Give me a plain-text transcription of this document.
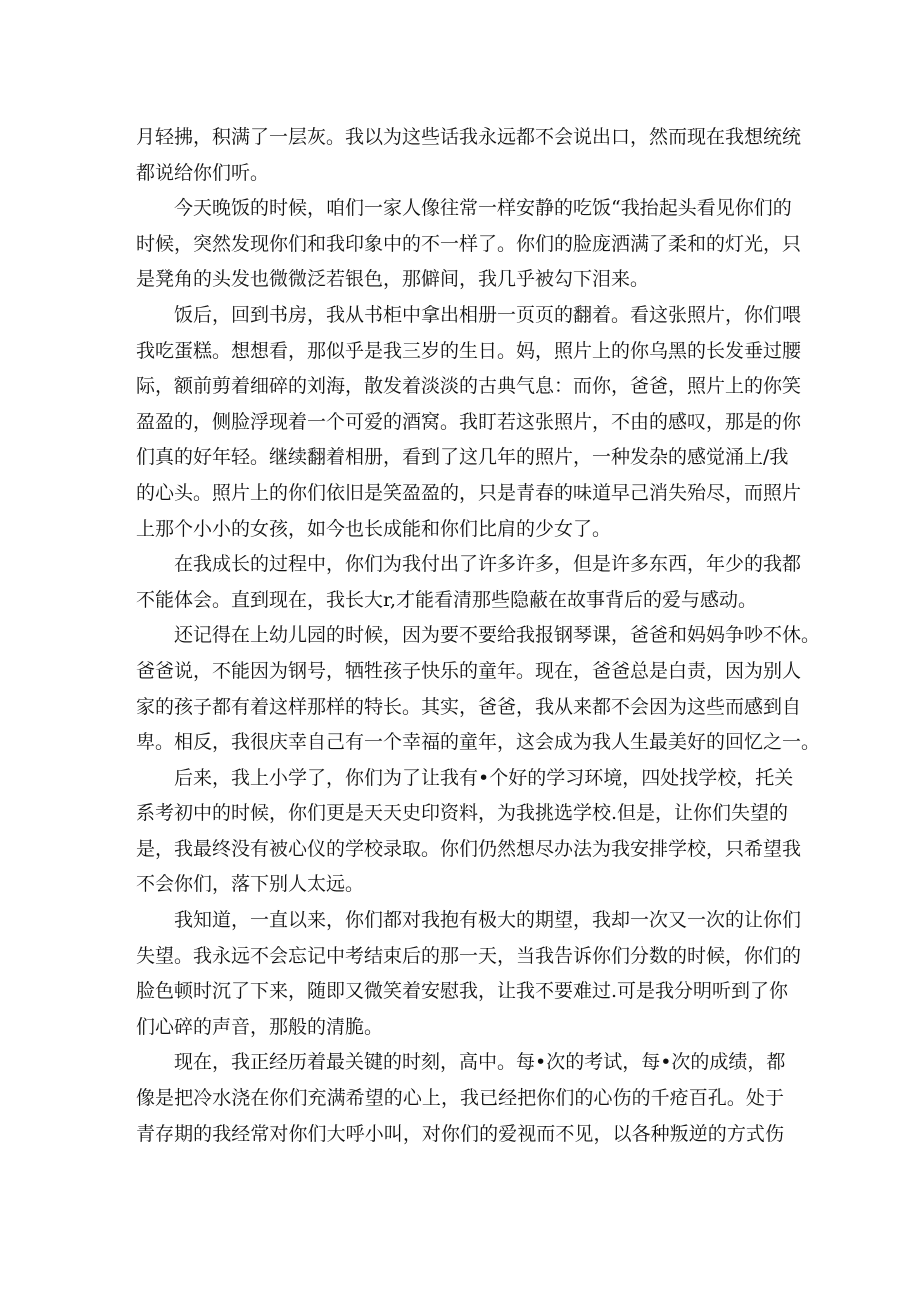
月轻拂，积满了一层灰。我以为这些话我永远都不会说出口，然而现在我想统统
都说给你们听。
今天晚饭的时候，咱们一家人像往常一样安静的吃饭“我抬起头看见你们的
时候，突然发现你们和我印象中的不一样了。你们的脸庞洒满了柔和的灯光，只
是凳角的头发也微微泛若银色，那僻间，我几乎被勾下泪来。
饭后，回到书房，我从书柜中拿出相册一页页的翻着。看这张照片，你们喂
我吃蛋糕。想想看，那似乎是我三岁的生日。妈，照片上的你乌黑的长发垂过腰
际，额前剪着细碎的刘海，散发着淡淡的古典气息：而你，爸爸，照片上的你笑
盈盈的，侧脸浮现着一个可爱的酒窝。我盯若这张照片，不由的感叹，那是的你
们真的好年轻。继续翻着相册，看到了这几年的照片，一种发杂的感觉涌上/我
的心头。照片上的你们依旧是笑盈盈的，只是青春的味道早己消失殆尽，而照片
上那个小小的女孩，如今也长成能和你们比肩的少女了。
在我成长的过程中，你们为我付出了许多许多，但是许多东西，年少的我都
不能体会。直到现在，我长大r,才能看清那些隐蔽在故事背后的爱与感动。
还记得在上幼儿园的时候，因为要不要给我报钢琴课，爸爸和妈妈争吵不休。
爸爸说，不能因为钢号，牺牲孩子快乐的童年。现在，爸爸总是白责，因为别人
家的孩子都有着这样那样的特长。其实，爸爸，我从来都不会因为这些而感到自
卑。相反，我很庆幸自己有一个幸福的童年，这会成为我人生最美好的回忆之一。
后来，我上小学了，你们为了让我有•个好的学习环境，四处找学校，托关
系考初中的时候，你们更是天天史印资料，为我挑选学校.但是，让你们失望的
是，我最终没有被心仪的学校录取。你们仍然想尽办法为我安排学校，只希望我
不会你们，落下别人太远。
我知道，一直以来，你们都对我抱有极大的期望，我却一次又一次的让你们
失望。我永远不会忘记中考结束后的那一天，当我告诉你们分数的时候，你们的
脸色顿时沉了下来，随即又微笑着安慰我，让我不要难过.可是我分明听到了你
们心碎的声音，那般的清脆。
现在，我正经历着最关键的时刻，高中。每•次的考试，每•次的成绩，都
像是把冷水浇在你们充满希望的心上，我已经把你们的心伤的千疮百孔。处于
青存期的我经常对你们大呼小叫，对你们的爱视而不见，以各种叛逆的方式伤
